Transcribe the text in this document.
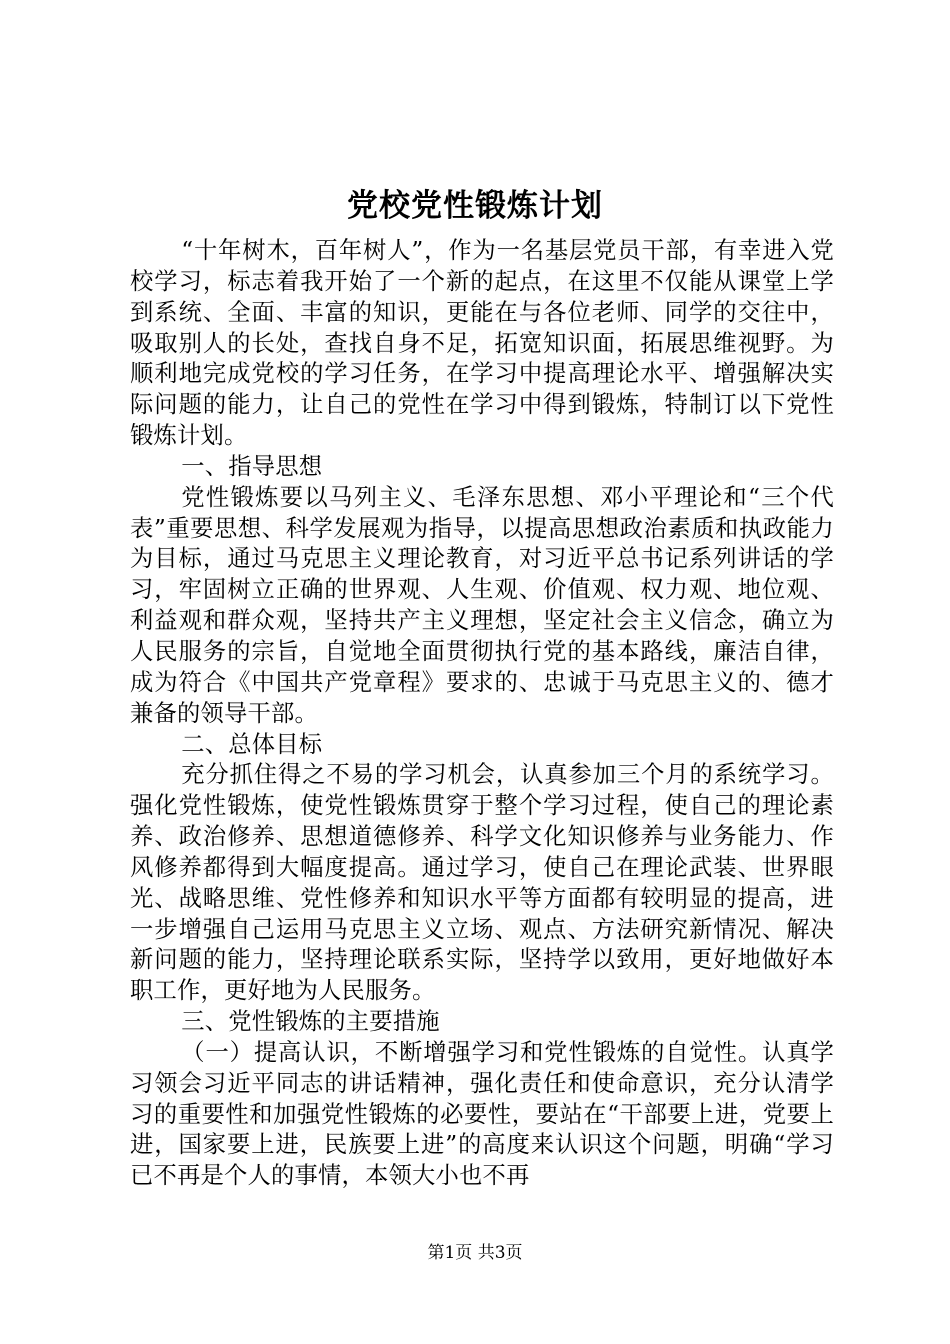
党校党性锻炼计划

“十年树木，百年树人”，作为一名基层党员干部，有幸进入党校学习，标志着我开始了一个新的起点，在这里不仅能从课堂上学到系统、全面、丰富的知识，更能在与各位老师、同学的交往中，吸取别人的长处，查找自身不足，拓宽知识面，拓展思维视野。为顺利地完成党校的学习任务，在学习中提高理论水平、增强解决实际问题的能力，让自己的党性在学习中得到锻炼，特制订以下党性锻炼计划。

一、指导思想

党性锻炼要以马列主义、毛泽东思想、邓小平理论和“三个代表”重要思想、科学发展观为指导，以提高思想政治素质和执政能力为目标，通过马克思主义理论教育，对习近平总书记系列讲话的学习，牢固树立正确的世界观、人生观、价值观、权力观、地位观、利益观和群众观，坚持共产主义理想，坚定社会主义信念，确立为人民服务的宗旨，自觉地全面贯彻执行党的基本路线，廉洁自律，成为符合《中国共产党章程》要求的、忠诚于马克思主义的、德才兼备的领导干部。

二、总体目标

充分抓住得之不易的学习机会，认真参加三个月的系统学习。强化党性锻炼，使党性锻炼贯穿于整个学习过程，使自己的理论素养、政治修养、思想道德修养、科学文化知识修养与业务能力、作风修养都得到大幅度提高。通过学习，使自己在理论武装、世界眼光、战略思维、党性修养和知识水平等方面都有较明显的提高，进一步增强自己运用马克思主义立场、观点、方法研究新情况、解决新问题的能力，坚持理论联系实际，坚持学以致用，更好地做好本职工作，更好地为人民服务。

三、党性锻炼的主要措施

（一）提高认识，不断增强学习和党性锻炼的自觉性。认真学习领会习近平同志的讲话精神，强化责任和使命意识，充分认清学习的重要性和加强党性锻炼的必要性，要站在“干部要上进，党要上进，国家要上进，民族要上进”的高度来认识这个问题，明确“学习已不再是个人的事情，本领大小也不再

第1页 共3页
